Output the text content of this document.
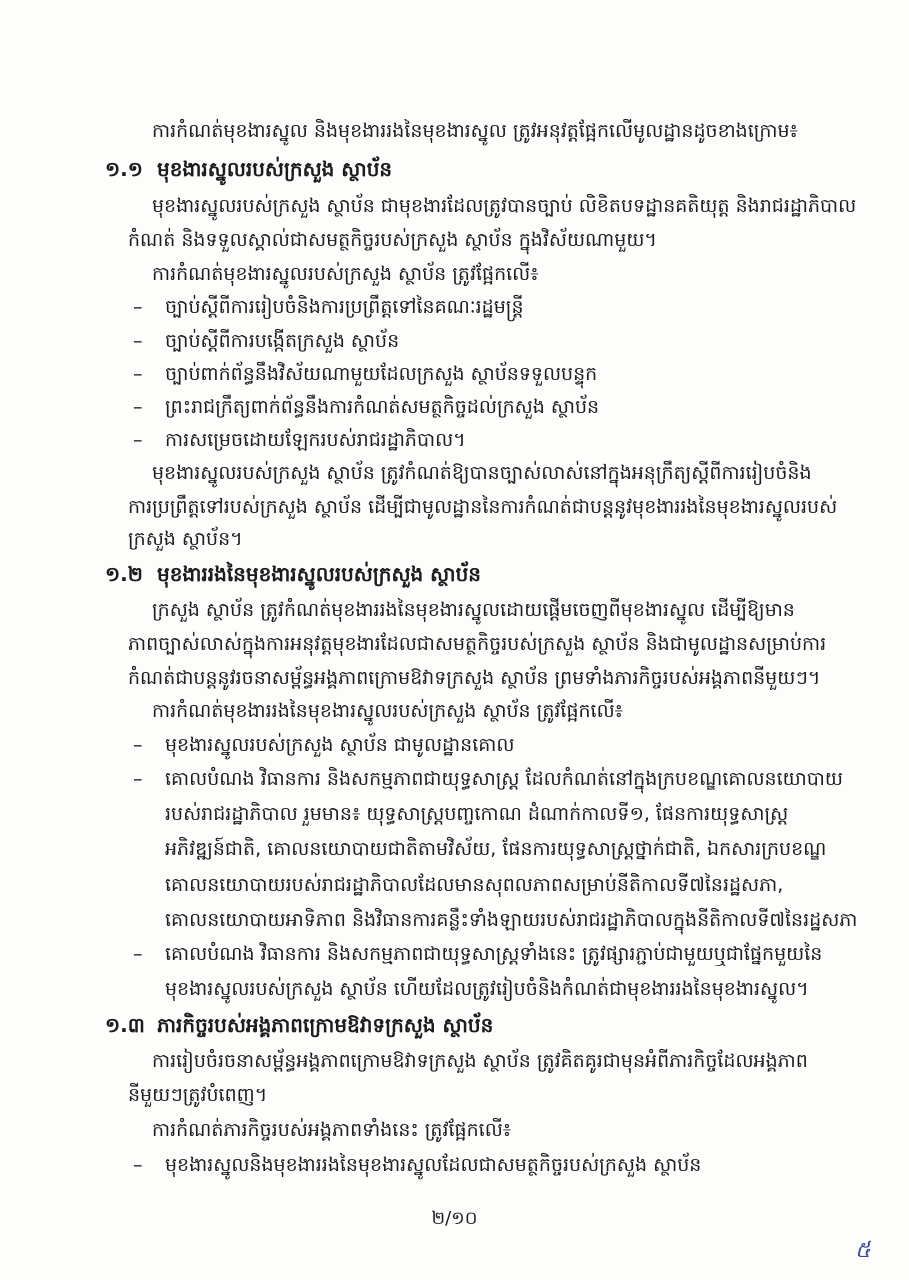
ការកំណត់មុខងារស្នូល និងមុខងាររងនៃមុខងារស្នូល ត្រូវអនុវត្តផ្អែកលើមូលដ្ឋានដូចខាងក្រោម៖
១.១ មុខងារស្នូលរបស់ក្រសួង ស្ថាប័ន
មុខងារស្នូលរបស់ក្រសួង ស្ថាប័ន ជាមុខងារដែលត្រូវបានច្បាប់ លិខិតបទដ្ឋានគតិយុត្ត និងរាជរដ្ឋាភិបាល
កំណត់ និងទទួលស្គាល់ជាសមត្ថកិច្ចរបស់ក្រសួង ស្ថាប័ន ក្នុងវិស័យណាមួយ។
ការកំណត់មុខងារស្នូលរបស់ក្រសួង ស្ថាប័ន ត្រូវផ្អែកលើ៖
– ច្បាប់ស្ដីពីការរៀបចំនិងការប្រព្រឹត្តទៅនៃគណៈរដ្ឋមន្ត្រី
– ច្បាប់ស្ដីពីការបង្កើតក្រសួង ស្ថាប័ន
– ច្បាប់ពាក់ព័ន្ធនឹងវិស័យណាមួយដែលក្រសួង ស្ថាប័នទទួលបន្ទុក
– ព្រះរាជក្រឹត្យពាក់ព័ន្ធនឹងការកំណត់សមត្ថកិច្ចដល់ក្រសួង ស្ថាប័ន
– ការសម្រេចដោយឡែករបស់រាជរដ្ឋាភិបាល។
មុខងារស្នូលរបស់ក្រសួង ស្ថាប័ន ត្រូវកំណត់ឱ្យបានច្បាស់លាស់នៅក្នុងអនុក្រឹត្យស្ដីពីការរៀបចំនិង
ការប្រព្រឹត្តទៅរបស់ក្រសួង ស្ថាប័ន ដើម្បីជាមូលដ្ឋាននៃការកំណត់ជាបន្តនូវមុខងាររងនៃមុខងារស្នូលរបស់
ក្រសួង ស្ថាប័ន។
១.២ មុខងាររងនៃមុខងារស្នូលរបស់ក្រសួង ស្ថាប័ន
ក្រសួង ស្ថាប័ន ត្រូវកំណត់មុខងាររងនៃមុខងារស្នូលដោយផ្ដើមចេញពីមុខងារស្នូល ដើម្បីឱ្យមាន
ភាពច្បាស់លាស់ក្នុងការអនុវត្តមុខងារដែលជាសមត្ថកិច្ចរបស់ក្រសួង ស្ថាប័ន និងជាមូលដ្ឋានសម្រាប់ការ
កំណត់ជាបន្តនូវរចនាសម្ព័ន្ធអង្គភាពក្រោមឱវាទក្រសួង ស្ថាប័ន ព្រមទាំងភារកិច្ចរបស់អង្គភាពនីមួយៗ។
ការកំណត់មុខងាររងនៃមុខងារស្នូលរបស់ក្រសួង ស្ថាប័ន ត្រូវផ្អែកលើ៖
– មុខងារស្នូលរបស់ក្រសួង ស្ថាប័ន ជាមូលដ្ឋានគោល
– គោលបំណង វិធានការ និងសកម្មភាពជាយុទ្ធសាស្ត្រ ដែលកំណត់នៅក្នុងក្របខណ្ឌគោលនយោបាយ
របស់រាជរដ្ឋាភិបាល រួមមាន៖ យុទ្ធសាស្ត្របញ្ចកោណ ដំណាក់កាលទី១, ផែនការយុទ្ធសាស្ត្រ
អភិវឌ្ឍន៍ជាតិ, គោលនយោបាយជាតិតាមវិស័យ, ផែនការយុទ្ធសាស្ត្រថ្នាក់ជាតិ, ឯកសារក្របខណ្ឌ
គោលនយោបាយរបស់រាជរដ្ឋាភិបាលដែលមានសុពលភាពសម្រាប់នីតិកាលទី៧នៃរដ្ឋសភា,
គោលនយោបាយអាទិភាព និងវិធានការគន្លឹះទាំងឡាយរបស់រាជរដ្ឋាភិបាលក្នុងនីតិកាលទី៧នៃរដ្ឋសភា
– គោលបំណង វិធានការ និងសកម្មភាពជាយុទ្ធសាស្ត្រទាំងនេះ ត្រូវផ្សារភ្ជាប់ជាមួយឬជាផ្នែកមួយនៃ
មុខងារស្នូលរបស់ក្រសួង ស្ថាប័ន ហើយដែលត្រូវរៀបចំនិងកំណត់ជាមុខងាររងនៃមុខងារស្នូល។
១.៣ ភារកិច្ចរបស់អង្គភាពក្រោមឱវាទក្រសួង ស្ថាប័ន
ការរៀបចំរចនាសម្ព័ន្ធអង្គភាពក្រោមឱវាទក្រសួង ស្ថាប័ន ត្រូវគិតគូរជាមុនអំពីភារកិច្ចដែលអង្គភាព
នីមួយៗត្រូវបំពេញ។
ការកំណត់ភារកិច្ចរបស់អង្គភាពទាំងនេះ ត្រូវផ្អែកលើ៖
– មុខងារស្នូលនិងមុខងាររងនៃមុខងារស្នូលដែលជាសមត្ថកិច្ចរបស់ក្រសួង ស្ថាប័ន
២/១០
៥
